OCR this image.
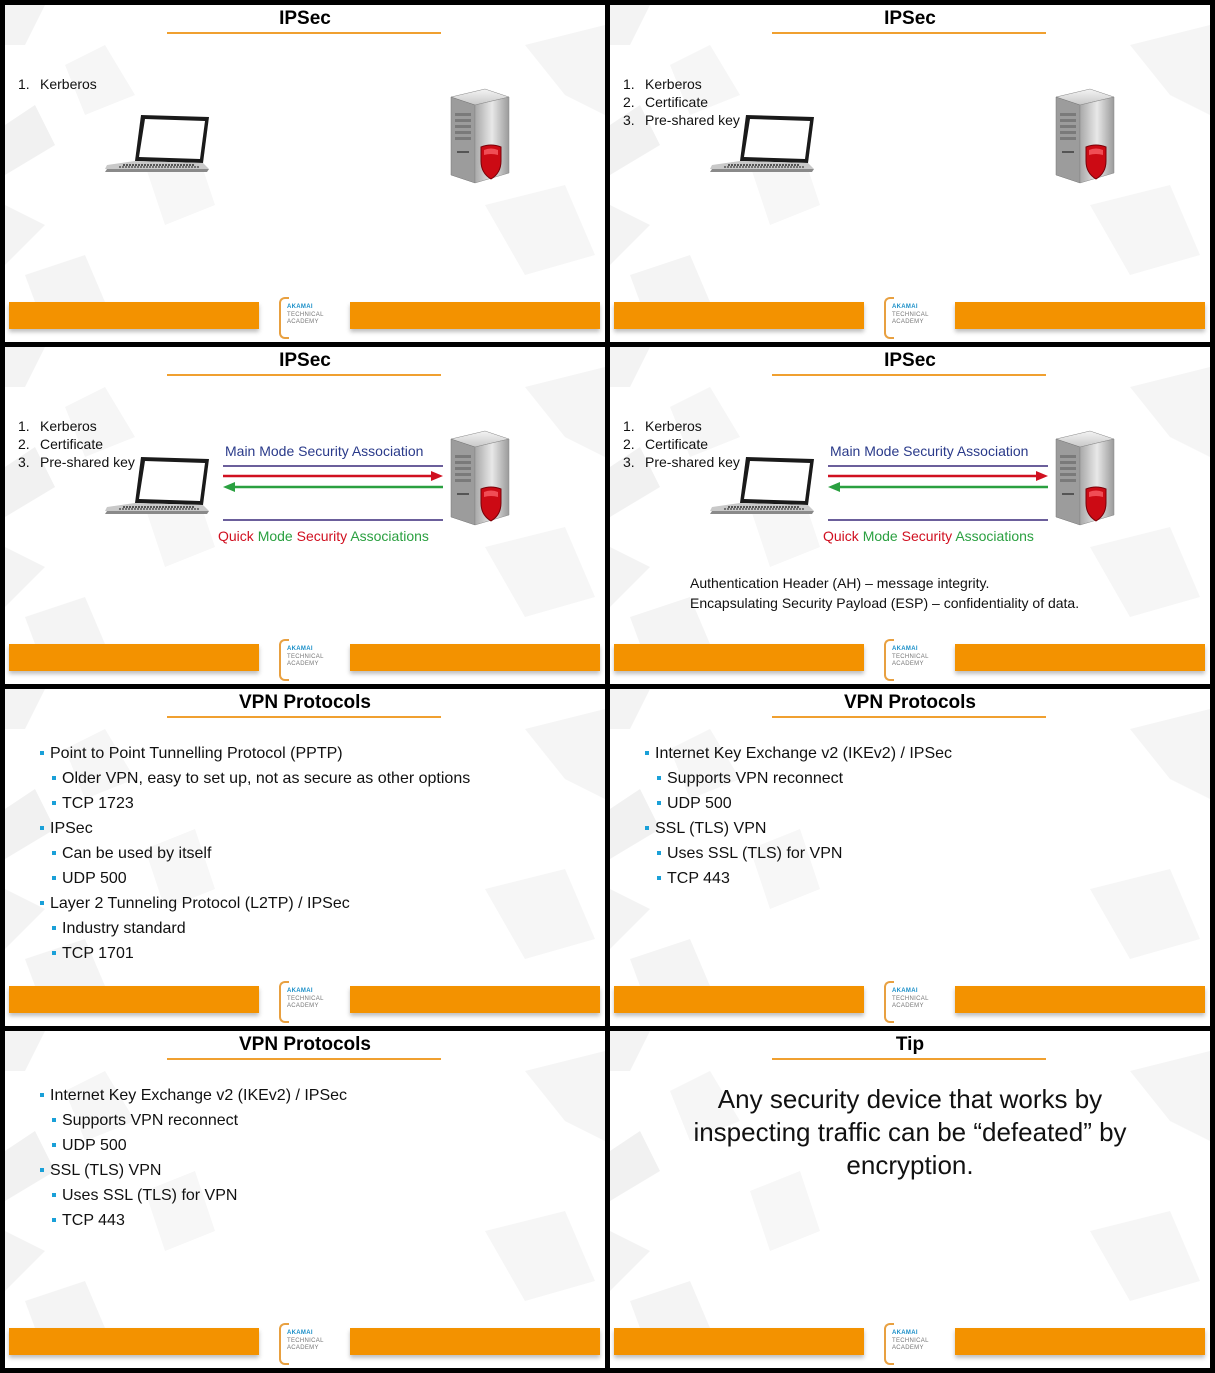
IPSec
1. Kerberos
AKAMAI
TECHNICAL
ACADEMY
IPSec
1. Kerberos
2. Certificate
3. Pre-shared key
AKAMAI
TECHNICAL
ACADEMY
IPSec
1. Kerberos
2. Certificate
3. Pre-shared key
Main Mode Security Association
Quick Mode Security Associations
AKAMAI
TECHNICAL
ACADEMY
IPSec
1. Kerberos
2. Certificate
3. Pre-shared key
Main Mode Security Association
Quick Mode Security Associations
Authentication Header (AH) – message integrity.
Encapsulating Security Payload (ESP) – confidentiality of data.
AKAMAI
TECHNICAL
ACADEMY
VPN Protocols
Point to Point Tunnelling Protocol (PPTP)
Older VPN, easy to set up, not as secure as other options
TCP 1723
IPSec
Can be used by itself
UDP 500
Layer 2 Tunneling Protocol (L2TP) / IPSec
Industry standard
TCP 1701
AKAMAI
TECHNICAL
ACADEMY
VPN Protocols
Internet Key Exchange v2 (IKEv2) / IPSec
Supports VPN reconnect
UDP 500
SSL (TLS) VPN
Uses SSL (TLS) for VPN
TCP 443
AKAMAI
TECHNICAL
ACADEMY
VPN Protocols
Internet Key Exchange v2 (IKEv2) / IPSec
Supports VPN reconnect
UDP 500
SSL (TLS) VPN
Uses SSL (TLS) for VPN
TCP 443
AKAMAI
TECHNICAL
ACADEMY
Tip
Any security device that works by inspecting traffic can be “defeated” by encryption.
AKAMAI
TECHNICAL
ACADEMY
